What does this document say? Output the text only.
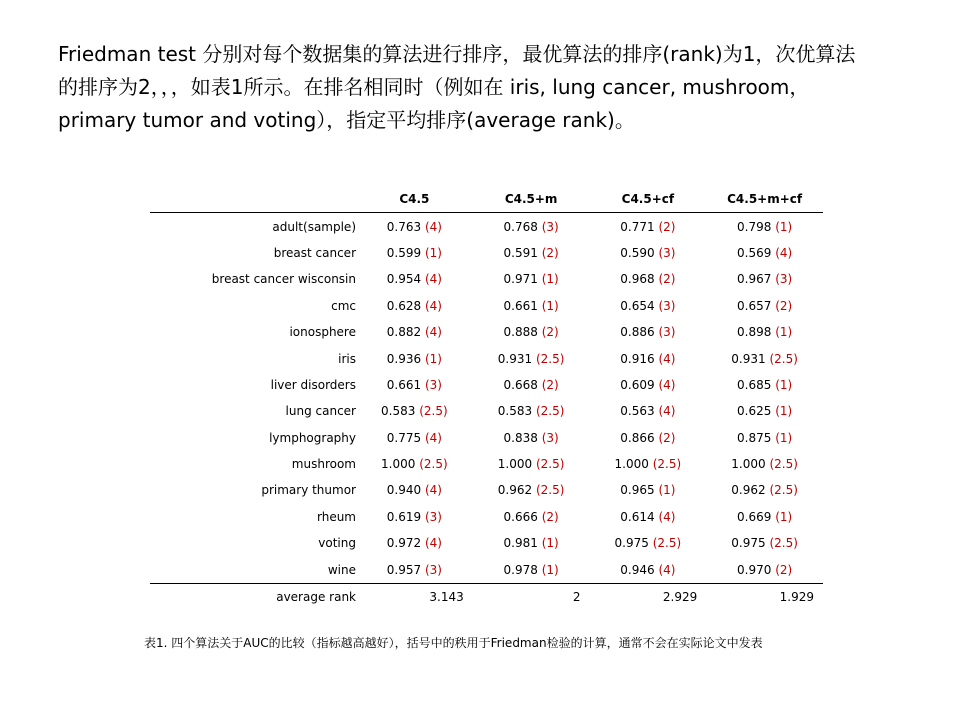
Friedman test 分别对每个数据集的算法进行排序，最优算法的排序(rank)为1，次优算法
的排序为2，，，如表1所示。在排名相同时（例如在 iris, lung cancer, mushroom，
primary tumor and voting），指定平均排序(average rank)。
	C4.5	C4.5+m	C4.5+cf	C4.5+m+cf
adult(sample)	0.763 (4)	0.768 (3)	0.771 (2)	0.798 (1)
breast cancer	0.599 (1)	0.591 (2)	0.590 (3)	0.569 (4)
breast cancer wisconsin	0.954 (4)	0.971 (1)	0.968 (2)	0.967 (3)
cmc	0.628 (4)	0.661 (1)	0.654 (3)	0.657 (2)
ionosphere	0.882 (4)	0.888 (2)	0.886 (3)	0.898 (1)
iris	0.936 (1)	0.931 (2.5)	0.916 (4)	0.931 (2.5)
liver disorders	0.661 (3)	0.668 (2)	0.609 (4)	0.685 (1)
lung cancer	0.583 (2.5)	0.583 (2.5)	0.563 (4)	0.625 (1)
lymphography	0.775 (4)	0.838 (3)	0.866 (2)	0.875 (1)
mushroom	1.000 (2.5)	1.000 (2.5)	1.000 (2.5)	1.000 (2.5)
primary thumor	0.940 (4)	0.962 (2.5)	0.965 (1)	0.962 (2.5)
rheum	0.619 (3)	0.666 (2)	0.614 (4)	0.669 (1)
voting	0.972 (4)	0.981 (1)	0.975 (2.5)	0.975 (2.5)
wine	0.957 (3)	0.978 (1)	0.946 (4)	0.970 (2)
average rank	3.143	2	2.929	1.929
表1. 四个算法关于AUC的比较（指标越高越好），括号中的秩用于Friedman检验的计算，通常不会在实际论文中发表
